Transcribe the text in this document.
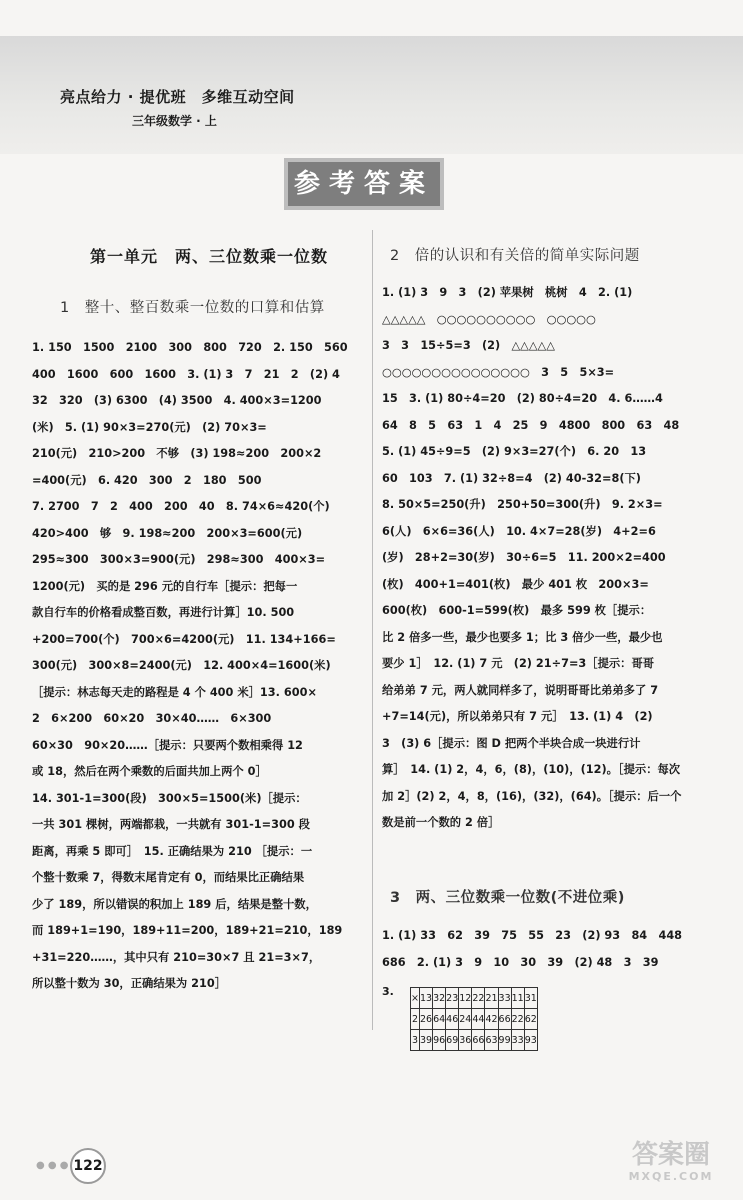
亮点给力 · 提优班　多维互动空间
三年级数学 · 上
参考答案
第一单元　两、三位数乘一位数
1　整十、整百数乘一位数的口算和估算
2　倍的认识和有关倍的简单实际问题

1. 150　1500　2100　300　800　720　2. 150　560

400　1600　600　1600　3. (1) 3　7　21　2　(2) 4

32　320　(3) 6300　(4) 3500　4. 400×3=1200

(米)　5. (1) 90×3=270(元)　(2) 70×3=

210(元)　210>200　不够　(3) 198≈200　200×2

=400(元)　6. 420　300　2　180　500

7. 2700　7　2　400　200　40　8. 74×6≈420(个)

420>400　够　9. 198≈200　200×3=600(元)

295≈300　300×3=900(元)　298≈300　400×3=

1200(元)　买的是 296 元的自行车［提示：把每一

款自行车的价格看成整百数，再进行计算］10. 500

+200=700(个)　700×6=4200(元)　11. 134+166=

300(元)　300×8=2400(元)　12. 400×4=1600(米)

［提示：林志每天走的路程是 4 个 400 米］13. 600×

2　6×200　60×20　30×40……　6×300

60×30　90×20……［提示：只要两个数相乘得 12

或 18，然后在两个乘数的后面共加上两个 0］

14. 301-1=300(段)　300×5=1500(米)［提示：

一共 301 棵树，两端都栽，一共就有 301-1=300 段

距离，再乘 5 即可］　15. 正确结果为 210 ［提示：一

个整十数乘 7，得数末尾肯定有 0，而结果比正确结果

少了 189，所以错误的积加上 189 后，结果是整十数，

而 189+1=190，189+11=200，189+21=210，189

+31=220……，其中只有 210=30×7 且 21=3×7，

所以整十数为 30，正确结果为 210］

1. (1) 3　9　3　(2) 苹果树　桃树　4　2. (1)

△△△△△　○○○○○○○○○○　○○○○○

3　3　15÷5=3　(2)　△△△△△

○○○○○○○○○○○○○○○　3　5　5×3=

15　3. (1) 80÷4=20　(2) 80÷4=20　4. 6……4

64　8　5　63　1　4　25　9　4800　800　63　48

5. (1) 45÷9=5　(2) 9×3=27(个)　6. 20　13

60　103　7. (1) 32÷8=4　(2) 40-32=8(下)

8. 50×5=250(升)　250+50=300(升)　9. 2×3=

6(人)　6×6=36(人)　10. 4×7=28(岁)　4+2=6

(岁)　28+2=30(岁)　30÷6=5　11. 200×2=400

(枚)　400+1=401(枚)　最少 401 枚　200×3=

600(枚)　600-1=599(枚)　最多 599 枚［提示：

比 2 倍多一些，最少也要多 1；比 3 倍少一些，最少也

要少 1］　12. (1) 7 元　(2) 21÷7=3［提示：哥哥

给弟弟 7 元，两人就同样多了，说明哥哥比弟弟多了 7

+7=14(元)，所以弟弟只有 7 元］　13. (1) 4　(2)

3　(3) 6［提示：图 D 把两个半块合成一块进行计

算］　14. (1) 2，4，6，(8)，(10)，(12)。［提示：每次

加 2］(2) 2，4，8，(16)，(32)，(64)。［提示：后一个

数是前一个数的 2 倍］

3　两、三位数乘一位数(不进位乘)

1. (1) 33　62　39　75　55　23　(2) 93　84　448

686　2. (1) 3　9　10　30　39　(2) 48　3　39

3. ×	13	32	23	12	22	21	33	11	31
2	26	64	46	24	44	42	66	22	62
3	39	96	69	36	66	63	99	33	93
● ● ● 122	答案圈
MXQE.COM
